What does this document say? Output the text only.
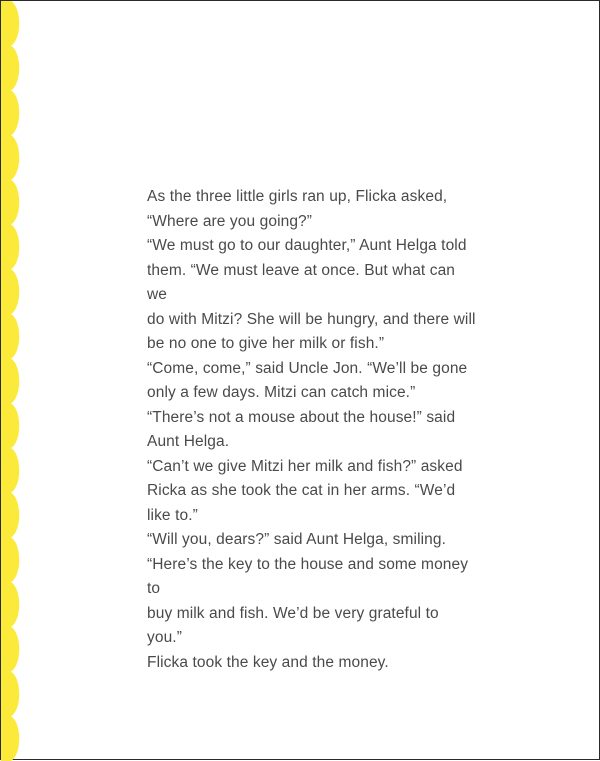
As the three little girls ran up, Flicka asked,
“Where are you going?”

“We must go to our daughter,” Aunt Helga told
them. “We must leave at once. But what can we
do with Mitzi? She will be hungry, and there will
be no one to give her milk or fish.”

“Come, come,” said Uncle Jon. “We’ll be gone
only a few days. Mitzi can catch mice.”

“There’s not a mouse about the house!” said
Aunt Helga.

“Can’t we give Mitzi her milk and fish?” asked
Ricka as she took the cat in her arms. “We’d like to.”

“Will you, dears?” said Aunt Helga, smiling.
“Here’s the key to the house and some money to
buy milk and fish. We’d be very grateful to you.”

Flicka took the key and the money.
